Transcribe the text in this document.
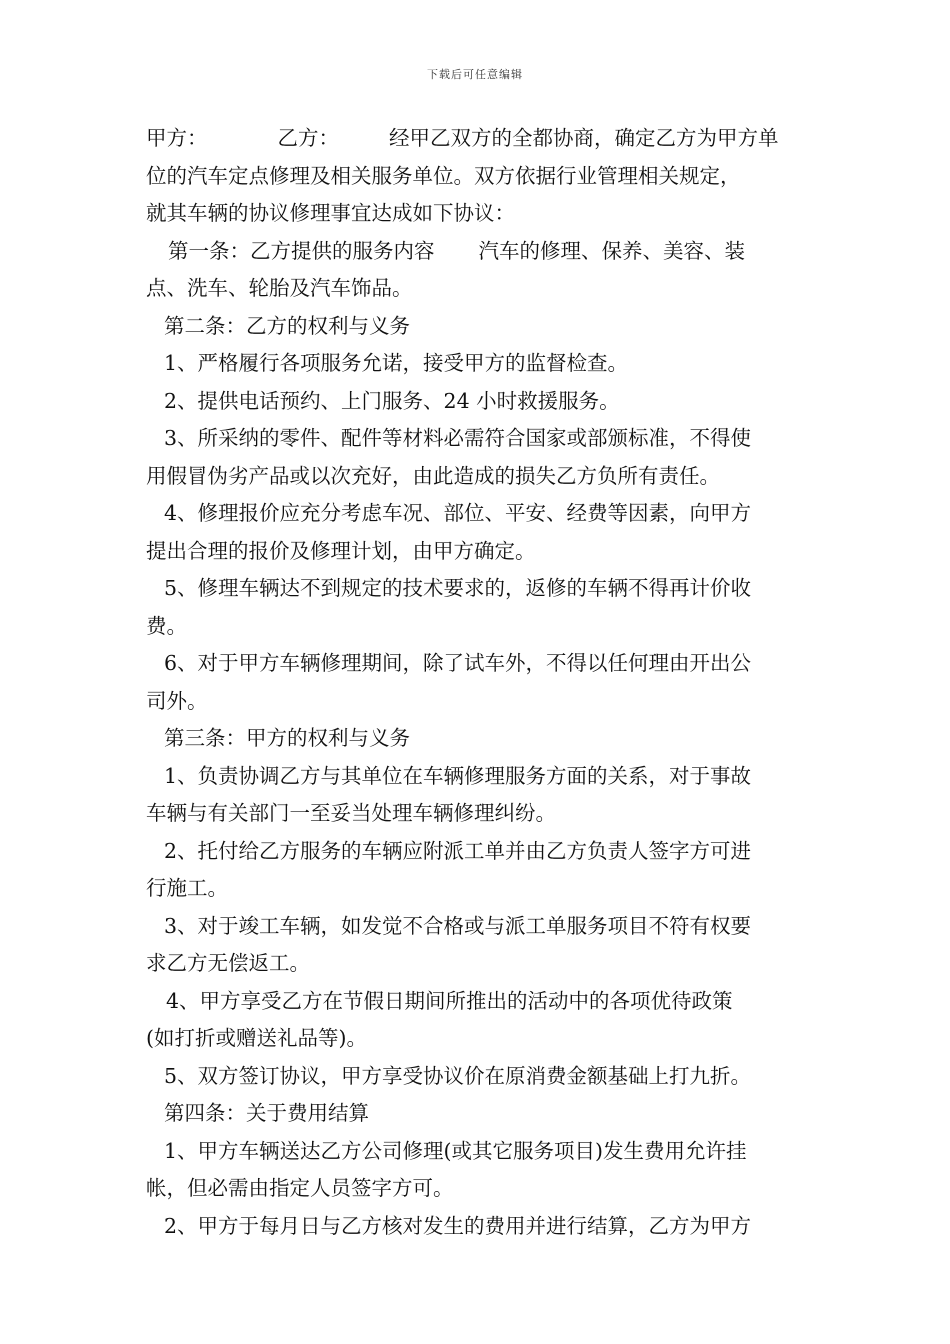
下载后可任意编辑
甲方：	乙方： 经甲乙双方的全都协商，确定乙方为甲方单
位的汽车定点修理及相关服务单位。双方依据行业管理相关规定，
就其车辆的协议修理事宜达成如下协议：
第一条：乙方提供的服务内容 汽车的修理、保养、美容、装
点、洗车、轮胎及汽车饰品。
第二条：乙方的权利与义务
1、严格履行各项服务允诺，接受甲方的监督检查。
2、提供电话预约、上门服务、24 小时救援服务。
3、所采纳的零件、配件等材料必需符合国家或部颁标准，不得使
用假冒伪劣产品或以次充好，由此造成的损失乙方负所有责任。
4、修理报价应充分考虑车况、部位、平安、经费等因素，向甲方
提出合理的报价及修理计划，由甲方确定。
5、修理车辆达不到规定的技术要求的，返修的车辆不得再计价收
费。
6、对于甲方车辆修理期间，除了试车外，不得以任何理由开出公
司外。
第三条：甲方的权利与义务
1、负责协调乙方与其单位在车辆修理服务方面的关系，对于事故
车辆与有关部门一至妥当处理车辆修理纠纷。
2、托付给乙方服务的车辆应附派工单并由乙方负责人签字方可进
行施工。
3、对于竣工车辆，如发觉不合格或与派工单服务项目不符有权要
求乙方无偿返工。
4、甲方享受乙方在节假日期间所推出的活动中的各项优待政策
(如打折或赠送礼品等)。
5、双方签订协议，甲方享受协议价在原消费金额基础上打九折。
第四条：关于费用结算
1、甲方车辆送达乙方公司修理(或其它服务项目)发生费用允许挂
帐，但必需由指定人员签字方可。
2、甲方于每月日与乙方核对发生的费用并进行结算，乙方为甲方
